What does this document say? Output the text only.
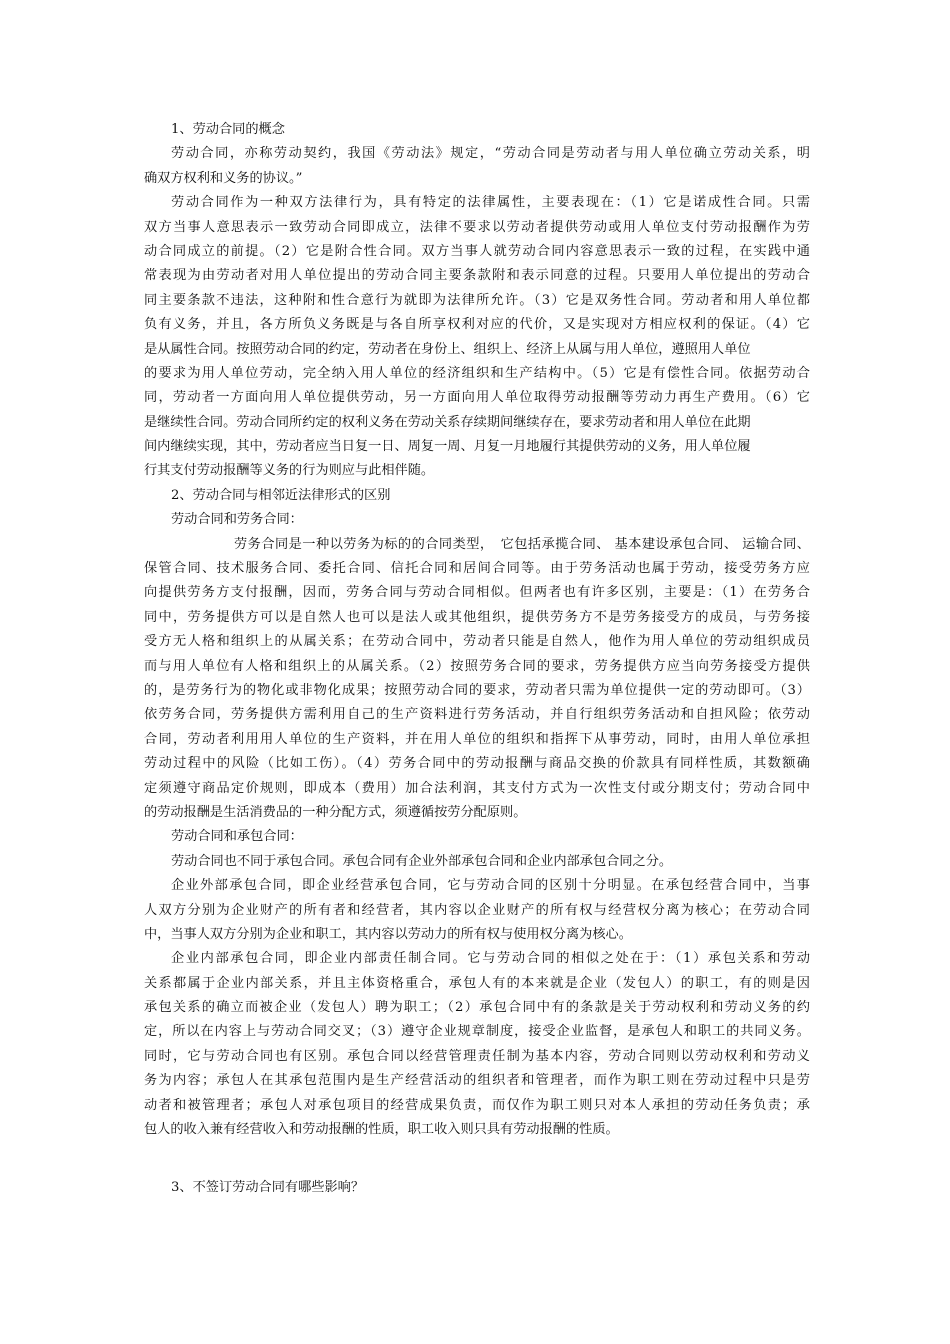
1、劳动合同的概念
劳动合同，亦称劳动契约，我国《劳动法》规定，“劳动合同是劳动者与用人单位确立劳动关系，明
确双方权利和义务的协议。”
劳动合同作为一种双方法律行为，具有特定的法律属性，主要表现在：（1）它是诺成性合同。只需
双方当事人意思表示一致劳动合同即成立，法律不要求以劳动者提供劳动或用人单位支付劳动报酬作为劳
动合同成立的前提。（2）它是附合性合同。双方当事人就劳动合同内容意思表示一致的过程，在实践中通
常表现为由劳动者对用人单位提出的劳动合同主要条款附和表示同意的过程。只要用人单位提出的劳动合
同主要条款不违法，这种附和性合意行为就即为法律所允许。（3）它是双务性合同。劳动者和用人单位都
负有义务，并且，各方所负义务既是与各自所享权利对应的代价，又是实现对方相应权利的保证。（4）它
是从属性合同。按照劳动合同的约定，劳动者在身份上、组织上、经济上从属与用人单位，遵照用人单位
的要求为用人单位劳动，完全纳入用人单位的经济组织和生产结构中。（5）它是有偿性合同。依据劳动合
同，劳动者一方面向用人单位提供劳动，另一方面向用人单位取得劳动报酬等劳动力再生产费用。（6）它
是继续性合同。劳动合同所约定的权利义务在劳动关系存续期间继续存在，要求劳动者和用人单位在此期
间内继续实现，其中，劳动者应当日复一日、周复一周、月复一月地履行其提供劳动的义务，用人单位履
行其支付劳动报酬等义务的行为则应与此相伴随。
2、劳动合同与相邻近法律形式的区别
劳动合同和劳务合同：
劳务合同是一种以劳务为标的的合同类型，　它包括承揽合同、 基本建设承包合同、 运输合同、
保管合同、技术服务合同、委托合同、信托合同和居间合同等。由于劳务活动也属于劳动，接受劳务方应
向提供劳务方支付报酬，因而，劳务合同与劳动合同相似。但两者也有许多区别，主要是：（1）在劳务合
同中，劳务提供方可以是自然人也可以是法人或其他组织，提供劳务方不是劳务接受方的成员，与劳务接
受方无人格和组织上的从属关系；在劳动合同中，劳动者只能是自然人，他作为用人单位的劳动组织成员
而与用人单位有人格和组织上的从属关系。（2）按照劳务合同的要求，劳务提供方应当向劳务接受方提供
的，是劳务行为的物化或非物化成果；按照劳动合同的要求，劳动者只需为单位提供一定的劳动即可。（3）
依劳务合同，劳务提供方需利用自己的生产资料进行劳务活动，并自行组织劳务活动和自担风险；依劳动
合同，劳动者利用用人单位的生产资料，并在用人单位的组织和指挥下从事劳动，同时，由用人单位承担
劳动过程中的风险（比如工伤）。（4）劳务合同中的劳动报酬与商品交换的价款具有同样性质，其数额确
定须遵守商品定价规则，即成本（费用）加合法利润，其支付方式为一次性支付或分期支付；劳动合同中
的劳动报酬是生活消费品的一种分配方式，须遵循按劳分配原则。
劳动合同和承包合同：
劳动合同也不同于承包合同。承包合同有企业外部承包合同和企业内部承包合同之分。
企业外部承包合同，即企业经营承包合同，它与劳动合同的区别十分明显。在承包经营合同中，当事
人双方分别为企业财产的所有者和经营者，其内容以企业财产的所有权与经营权分离为核心；在劳动合同
中，当事人双方分别为企业和职工，其内容以劳动力的所有权与使用权分离为核心。
企业内部承包合同，即企业内部责任制合同。它与劳动合同的相似之处在于：（1）承包关系和劳动
关系都属于企业内部关系，并且主体资格重合，承包人有的本来就是企业（发包人）的职工，有的则是因
承包关系的确立而被企业（发包人）聘为职工；（2）承包合同中有的条款是关于劳动权利和劳动义务的约
定，所以在内容上与劳动合同交叉；（3）遵守企业规章制度，接受企业监督，是承包人和职工的共同义务。
同时，它与劳动合同也有区别。承包合同以经营管理责任制为基本内容，劳动合同则以劳动权利和劳动义
务为内容；承包人在其承包范围内是生产经营活动的组织者和管理者，而作为职工则在劳动过程中只是劳
动者和被管理者；承包人对承包项目的经营成果负责，而仅作为职工则只对本人承担的劳动任务负责；承
包人的收入兼有经营收入和劳动报酬的性质，职工收入则只具有劳动报酬的性质。
3、不签订劳动合同有哪些影响？
